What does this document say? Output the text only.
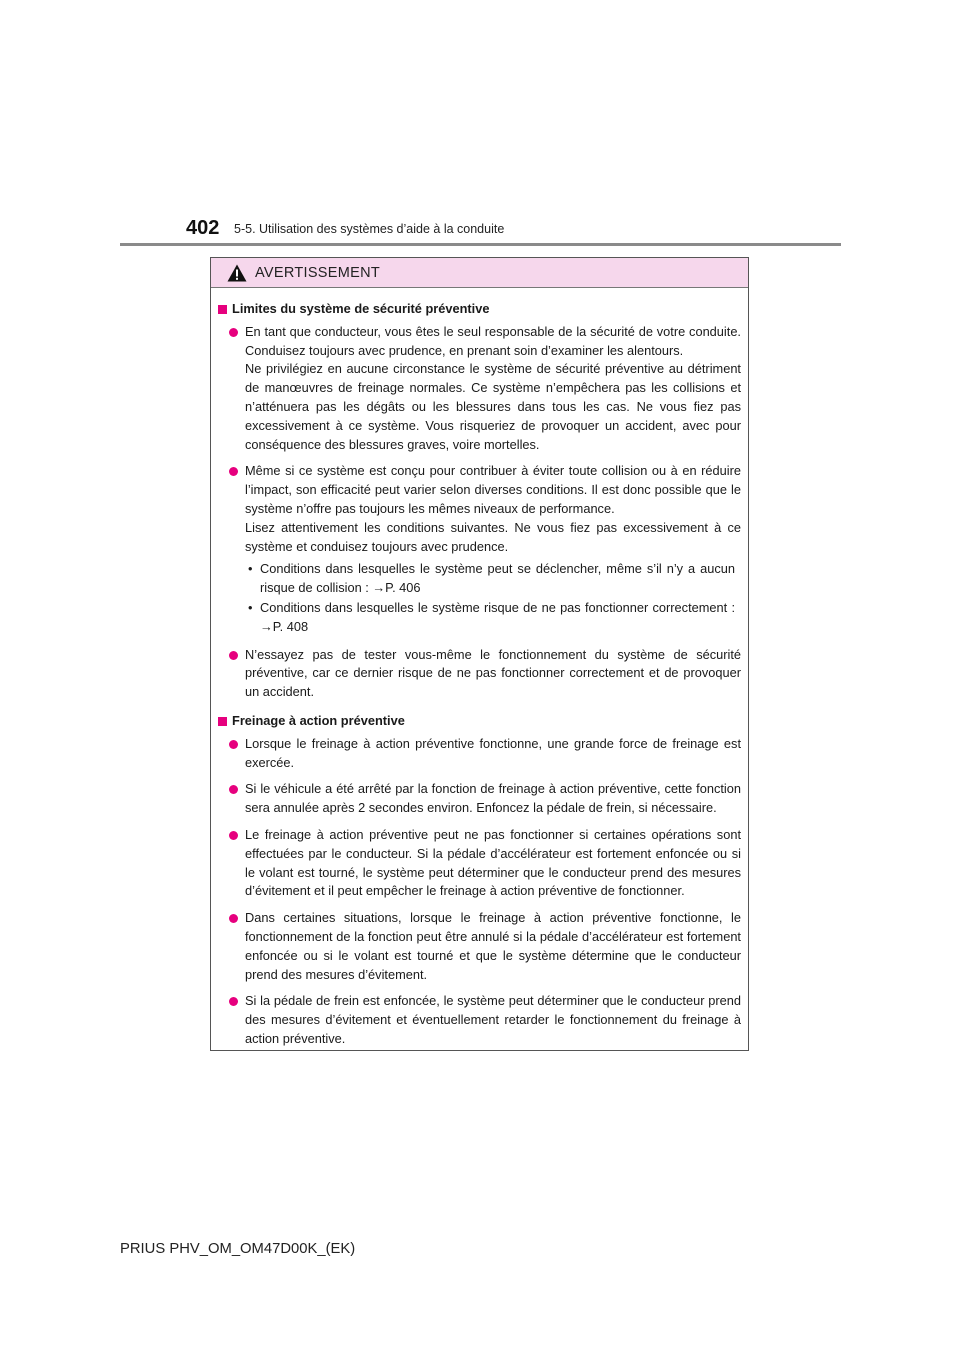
402 5-5. Utilisation des systèmes d’aide à la conduite
AVERTISSEMENT
Limites du système de sécurité préventive

En tant que conducteur, vous êtes le seul responsable de la sécurité de votre conduite. Conduisez toujours avec prudence, en prenant soin d’examiner les alentours.

Ne privilégiez en aucune circonstance le système de sécurité préventive au détriment de manœuvres de freinage normales. Ce système n’empêchera pas les collisions et n’atténuera pas les dégâts ou les blessures dans tous les cas. Ne vous fiez pas excessivement à ce système. Vous risqueriez de provoquer un accident, avec pour conséquence des blessures graves, voire mortelles.

Même si ce système est conçu pour contribuer à éviter toute collision ou à en réduire l’impact, son efficacité peut varier selon diverses conditions. Il est donc possible que le système n’offre pas toujours les mêmes niveaux de performance.

Lisez attentivement les conditions suivantes. Ne vous fiez pas excessivement à ce système et conduisez toujours avec prudence.

• Conditions dans lesquelles le système peut se déclencher, même s’il n’y a aucun risque de collision : →P. 406
• Conditions dans lesquelles le système risque de ne pas fonctionner correctement : →P. 408

N’essayez pas de tester vous-même le fonctionnement du système de sécurité préventive, car ce dernier risque de ne pas fonctionner correctement et de provoquer un accident.

Freinage à action préventive

Lorsque le freinage à action préventive fonctionne, une grande force de freinage est exercée.

Si le véhicule a été arrêté par la fonction de freinage à action préventive, cette fonction sera annulée après 2 secondes environ. Enfoncez la pédale de frein, si nécessaire.

Le freinage à action préventive peut ne pas fonctionner si certaines opérations sont effectuées par le conducteur. Si la pédale d’accélérateur est fortement enfoncée ou si le volant est tourné, le système peut déterminer que le conducteur prend des mesures d’évitement et il peut empêcher le freinage à action préventive de fonctionner.

Dans certaines situations, lorsque le freinage à action préventive fonctionne, le fonctionnement de la fonction peut être annulé si la pédale d’accélérateur est fortement enfoncée ou si le volant est tourné et que le système détermine que le conducteur prend des mesures d’évitement.

Si la pédale de frein est enfoncée, le système peut déterminer que le conducteur prend des mesures d’évitement et éventuellement retarder le fonctionnement du freinage à action préventive.

PRIUS PHV_OM_OM47D00K_(EK)
